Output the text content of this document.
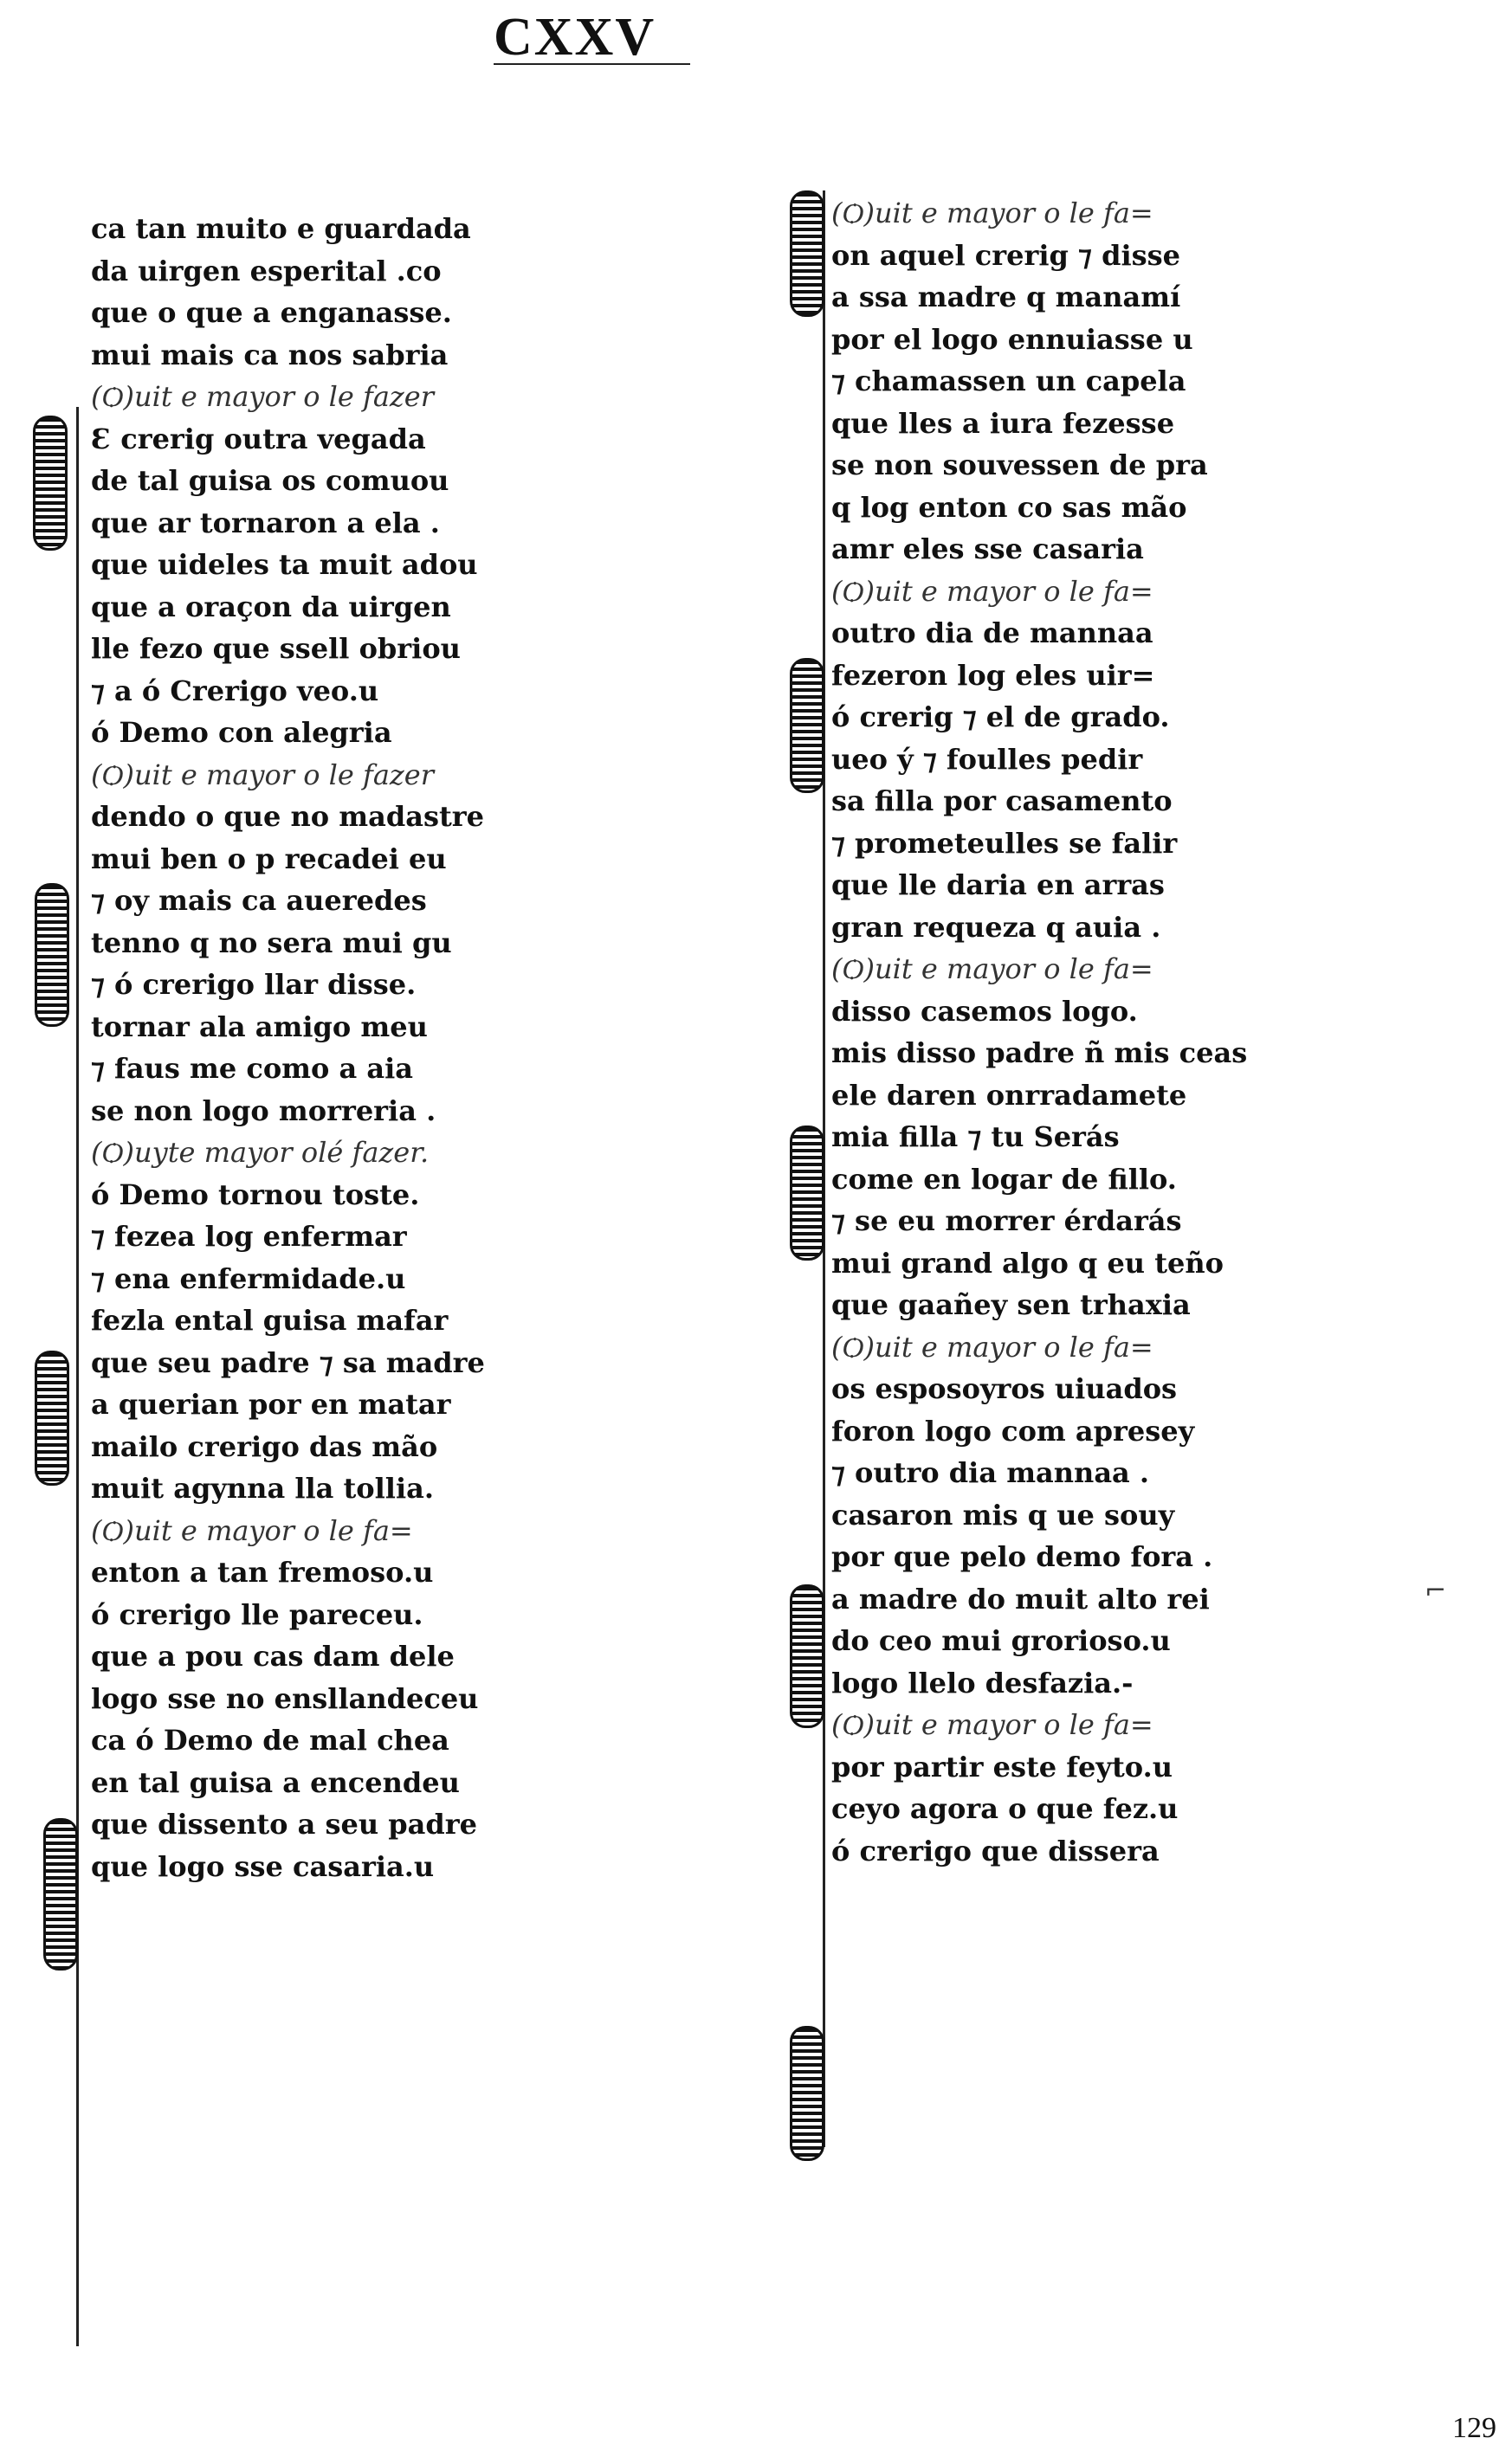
CXXV
ca tan muito e guardada
da uirgen esperital .co
que o que a enganasse.
mui mais ca nos sabria
(Ѻ)uit e mayor o le fazer
Ɛ crerig outra vegada
de tal guisa os comuou
que ar tornaron a ela .
que uideles ta muit adou
que a oraçon da uirgen
lle fezo que ssell obriou
⁊ a ó Crerigo veo.u
ó Demo con alegria
(Ѻ)uit e mayor o le fazer
dendo o que no madastre
mui ben o p recadei eu
⁊ oy mais ca aueredes
tenno q no sera mui gu
⁊ ó crerigo llar disse.
tornar ala amigo meu
⁊ faus me como a aia
se non logo morreria .
(Ѻ)uyte mayor olé fazer.
ó Demo tornou toste.
⁊ fezea log enfermar
⁊ ena enfermidade.u
fezla ental guisa mafar
que seu padre ⁊ sa madre
a querian por en matar
mailo crerigo das mão
muit agynna lla tollia.
(Ѻ)uit e mayor o le fa=
enton a tan fremoso.u
ó crerigo lle pareceu.
que a pou cas dam dele
logo sse no ensllandeceu
ca ó Demo de mal chea
en tal guisa a encendeu
que dissento a seu padre
que logo sse casaria.u
(Ѻ)uit e mayor o le fa=
on aquel crerig ⁊ disse
a ssa madre q manamí
por el logo ennuiasse u
⁊ chamassen un capela
que lles a iura fezesse
se non souvessen de pra
q log enton co sas mão
amr eles sse casaria
(Ѻ)uit e mayor o le fa=
outro dia de mannaa
fezeron log eles uir=
ó crerig ⁊ el de grado.
ueo ý ⁊ foulles pedir
sa filla por casamento
⁊ prometeulles se falir
que lle daria en arras
gran requeza q auia .
(Ѻ)uit e mayor o le fa=
disso casemos logo.
mis disso padre ñ mis ceas
ele daren onrradamete
mia filla ⁊ tu Serás
come en logar de fillo.
⁊ se eu morrer érdarás
mui grand algo q eu teño
que gaañey sen trhaxia
(Ѻ)uit e mayor o le fa=
os esposoyros uiuados
foron logo com apresey
⁊ outro dia mannaa .
casaron mis q ue souy
por que pelo demo fora .
a madre do muit alto rei
do ceo mui grorioso.u
logo llelo desfazia.-
(Ѻ)uit e mayor o le fa=
por partir este feyto.u
ceyo agora o que fez.u
ó crerigo que dissera
⌐
129
